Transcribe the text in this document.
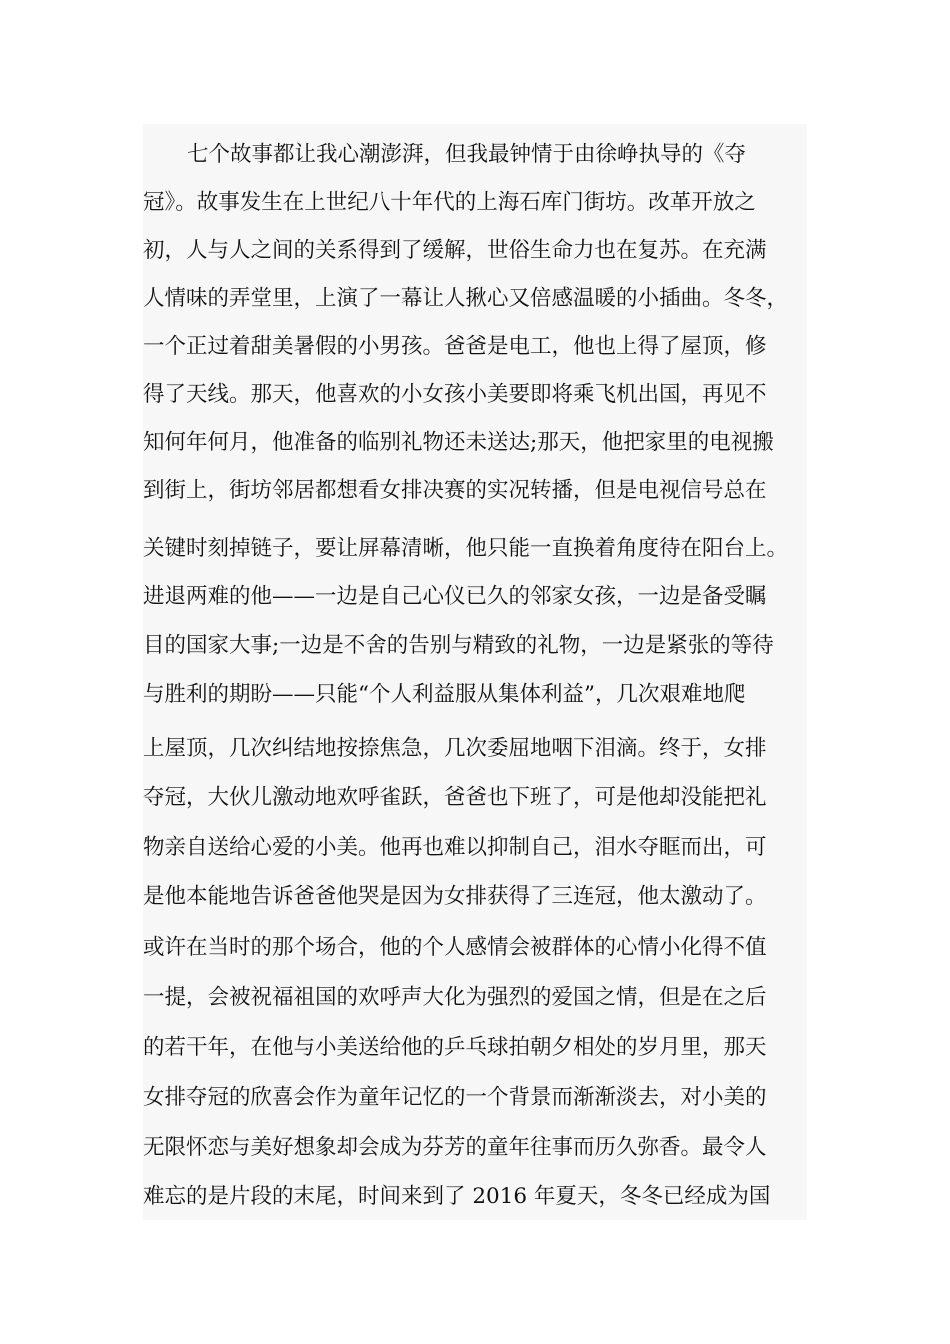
七个故事都让我心潮澎湃，但我最钟情于由徐峥执导的《夺
冠》。故事发生在上世纪八十年代的上海石库门街坊。改革开放之
初，人与人之间的关系得到了缓解，世俗生命力也在复苏。在充满
人情味的弄堂里，上演了一幕让人揪心又倍感温暖的小插曲。冬冬，
一个正过着甜美暑假的小男孩。爸爸是电工，他也上得了屋顶，修
得了天线。那天，他喜欢的小女孩小美要即将乘飞机出国，再见不
知何年何月，他准备的临别礼物还未送达;那天，他把家里的电视搬
到街上，街坊邻居都想看女排决赛的实况转播，但是电视信号总在
关键时刻掉链子，要让屏幕清晰，他只能一直换着角度待在阳台上。
进退两难的他——一边是自己心仪已久的邻家女孩，一边是备受瞩
目的国家大事;一边是不舍的告别与精致的礼物，一边是紧张的等待
与胜利的期盼——只能“个人利益服从集体利益”，几次艰难地爬
上屋顶，几次纠结地按捺焦急，几次委屈地咽下泪滴。终于，女排
夺冠，大伙儿激动地欢呼雀跃，爸爸也下班了，可是他却没能把礼
物亲自送给心爱的小美。他再也难以抑制自己，泪水夺眶而出，可
是他本能地告诉爸爸他哭是因为女排获得了三连冠，他太激动了。
或许在当时的那个场合，他的个人感情会被群体的心情小化得不值
一提，会被祝福祖国的欢呼声大化为强烈的爱国之情，但是在之后
的若干年，在他与小美送给他的乒乓球拍朝夕相处的岁月里，那天
女排夺冠的欣喜会作为童年记忆的一个背景而渐渐淡去，对小美的
无限怀恋与美好想象却会成为芬芳的童年往事而历久弥香。最令人
难忘的是片段的末尾，时间来到了 2016 年夏天，冬冬已经成为国
